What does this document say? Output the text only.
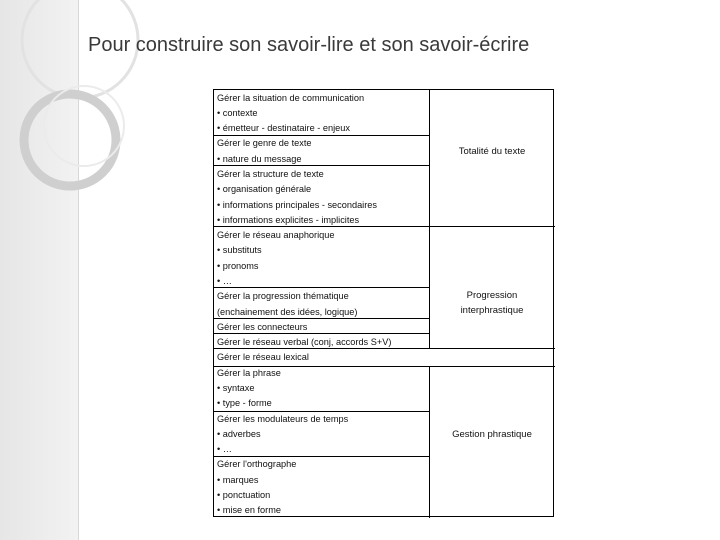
Pour construire son savoir-lire et son savoir-écrire
Gérer la situation de communication
• contexte
• émetteur - destinataire - enjeux
Gérer le genre de texte
• nature du message
Gérer la structure de texte
• organisation générale
• informations principales - secondaires
• informations explicites - implicites
Gérer le réseau anaphorique
• substituts
• pronoms
• …
Gérer la progression thématique
(enchainement des idées, logique)
Gérer les connecteurs
Gérer le réseau verbal (conj, accords S+V)
Gérer le réseau lexical
Gérer la phrase
• syntaxe
• type - forme
Gérer les modulateurs de temps
• adverbes
• …
Gérer l'orthographe
• marques
• ponctuation
• mise en forme
Totalité du texte
Progression
interphrastique
Gestion phrastique
